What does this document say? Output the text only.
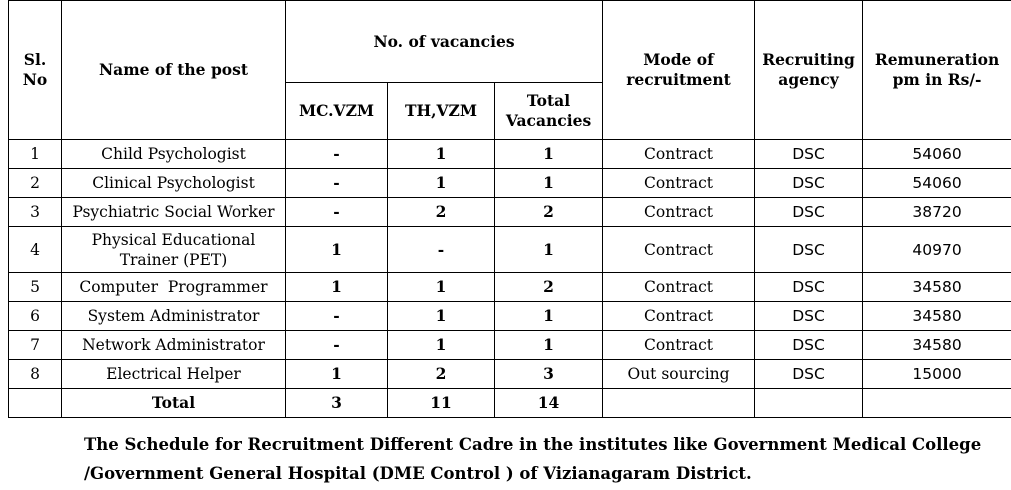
Sl. No	Name of the post	No. of vacancies			Mode of recruitment	Recruiting agency	Remuneration pm in Rs/-
		MC.VZM	TH,VZM	Total Vacancies			
1	Child Psychologist	-	1	1	Contract	DSC	54060
2	Clinical Psychologist	-	1	1	Contract	DSC	54060
3	Psychiatric Social Worker	-	2	2	Contract	DSC	38720
4	Physical Educational Trainer (PET)	1	-	1	Contract	DSC	40970
5	Computer  Programmer	1	1	2	Contract	DSC	34580
6	System Administrator	-	1	1	Contract	DSC	34580
7	Network Administrator	-	1	1	Contract	DSC	34580
8	Electrical Helper	1	2	3	Out sourcing	DSC	15000
	Total	3	11	14			
The Schedule for Recruitment Different Cadre in the institutes like Government Medical College
/Government General Hospital (DME Control ) of Vizianagaram District.
